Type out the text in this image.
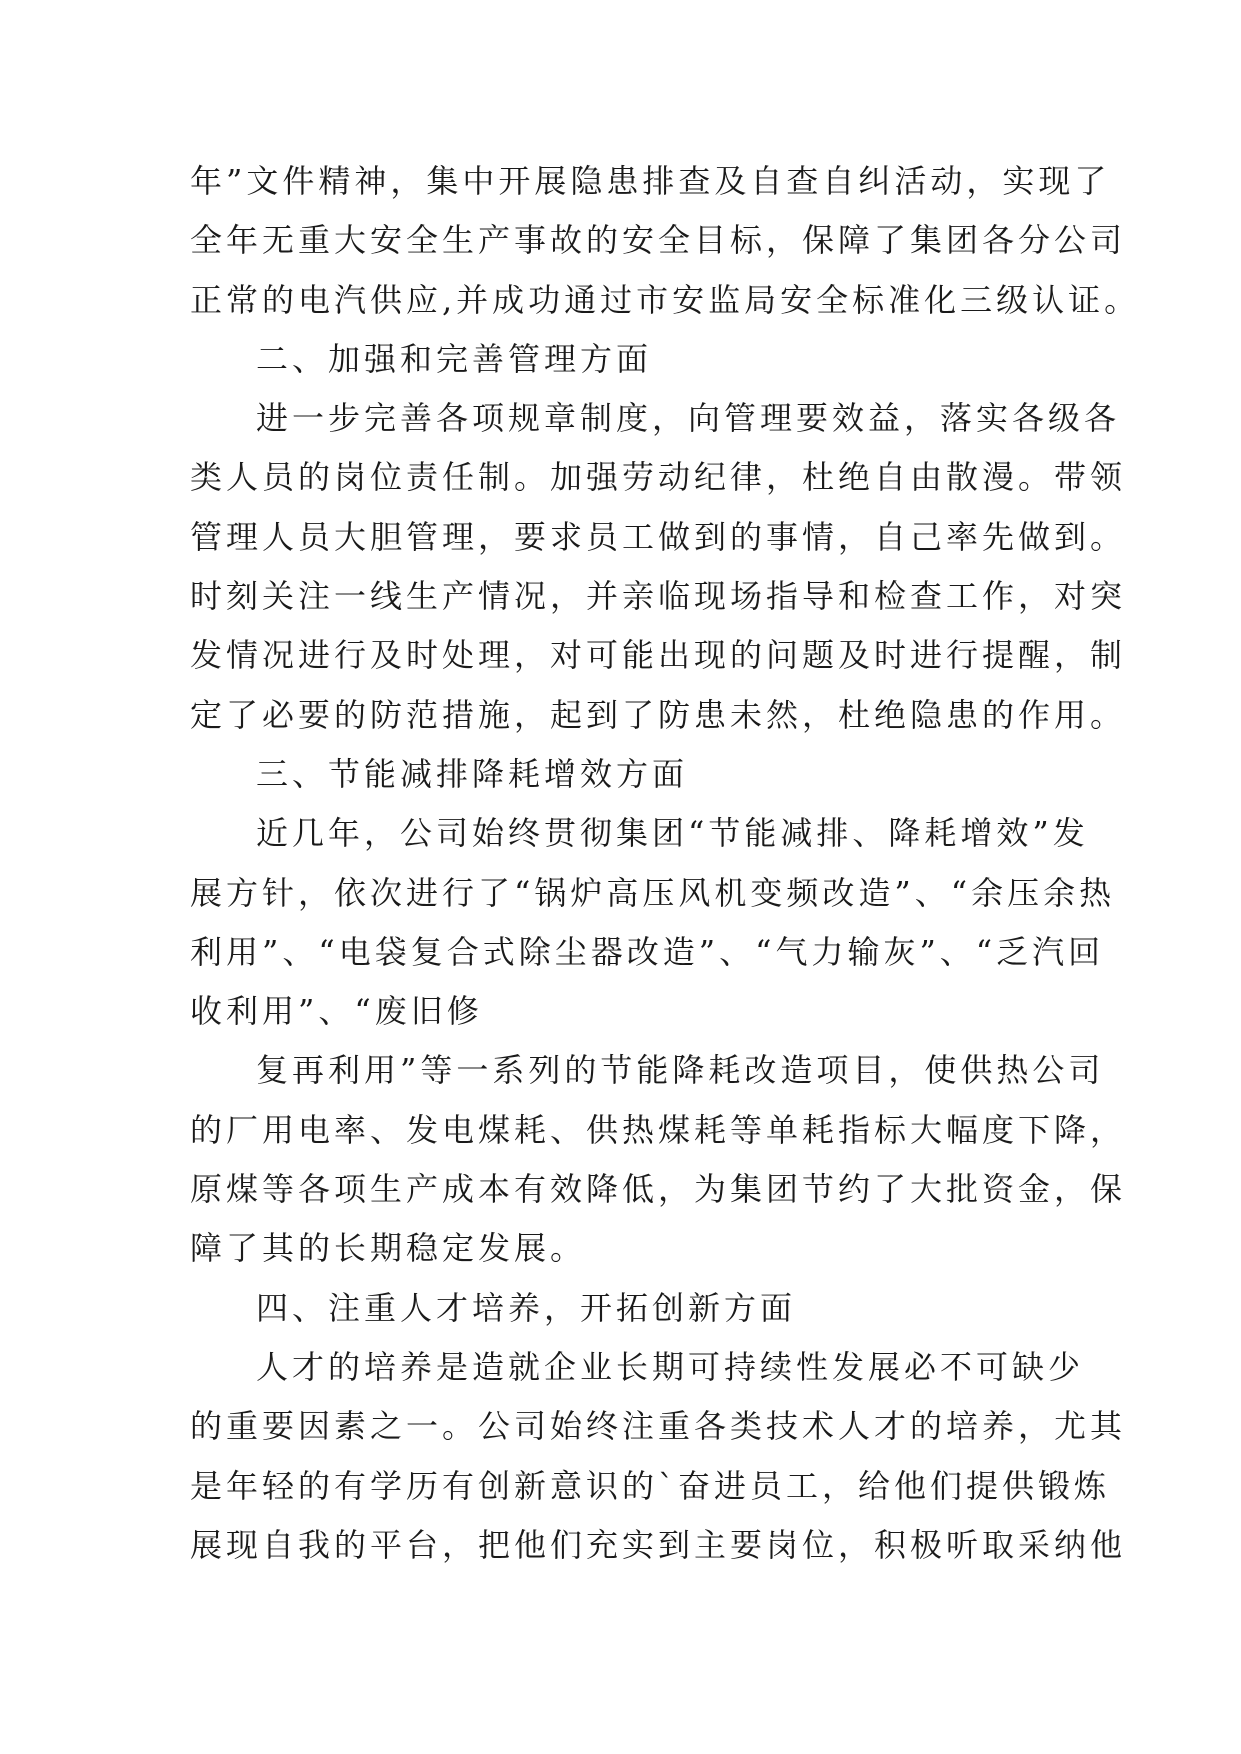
年”文件精神，集中开展隐患排查及自查自纠活动，实现了
全年无重大安全生产事故的安全目标，保障了集团各分公司
正常的电汽供应,并成功通过市安监局安全标准化三级认证。
二、加强和完善管理方面
进一步完善各项规章制度，向管理要效益，落实各级各
类人员的岗位责任制。加强劳动纪律，杜绝自由散漫。带领
管理人员大胆管理，要求员工做到的事情，自己率先做到。
时刻关注一线生产情况，并亲临现场指导和检查工作，对突
发情况进行及时处理，对可能出现的问题及时进行提醒，制
定了必要的防范措施，起到了防患未然，杜绝隐患的作用。
三、节能减排降耗增效方面
近几年，公司始终贯彻集团“节能减排、降耗增效”发
展方针，依次进行了“锅炉高压风机变频改造”、“余压余热
利用”、“电袋复合式除尘器改造”、“气力输灰”、“乏汽回
收利用”、“废旧修
复再利用”等一系列的节能降耗改造项目，使供热公司
的厂用电率、发电煤耗、供热煤耗等单耗指标大幅度下降，
原煤等各项生产成本有效降低，为集团节约了大批资金，保
障了其的长期稳定发展。
四、注重人才培养，开拓创新方面
人才的培养是造就企业长期可持续性发展必不可缺少
的重要因素之一。公司始终注重各类技术人才的培养，尤其
是年轻的有学历有创新意识的`奋进员工，给他们提供锻炼
展现自我的平台，把他们充实到主要岗位，积极听取采纳他
